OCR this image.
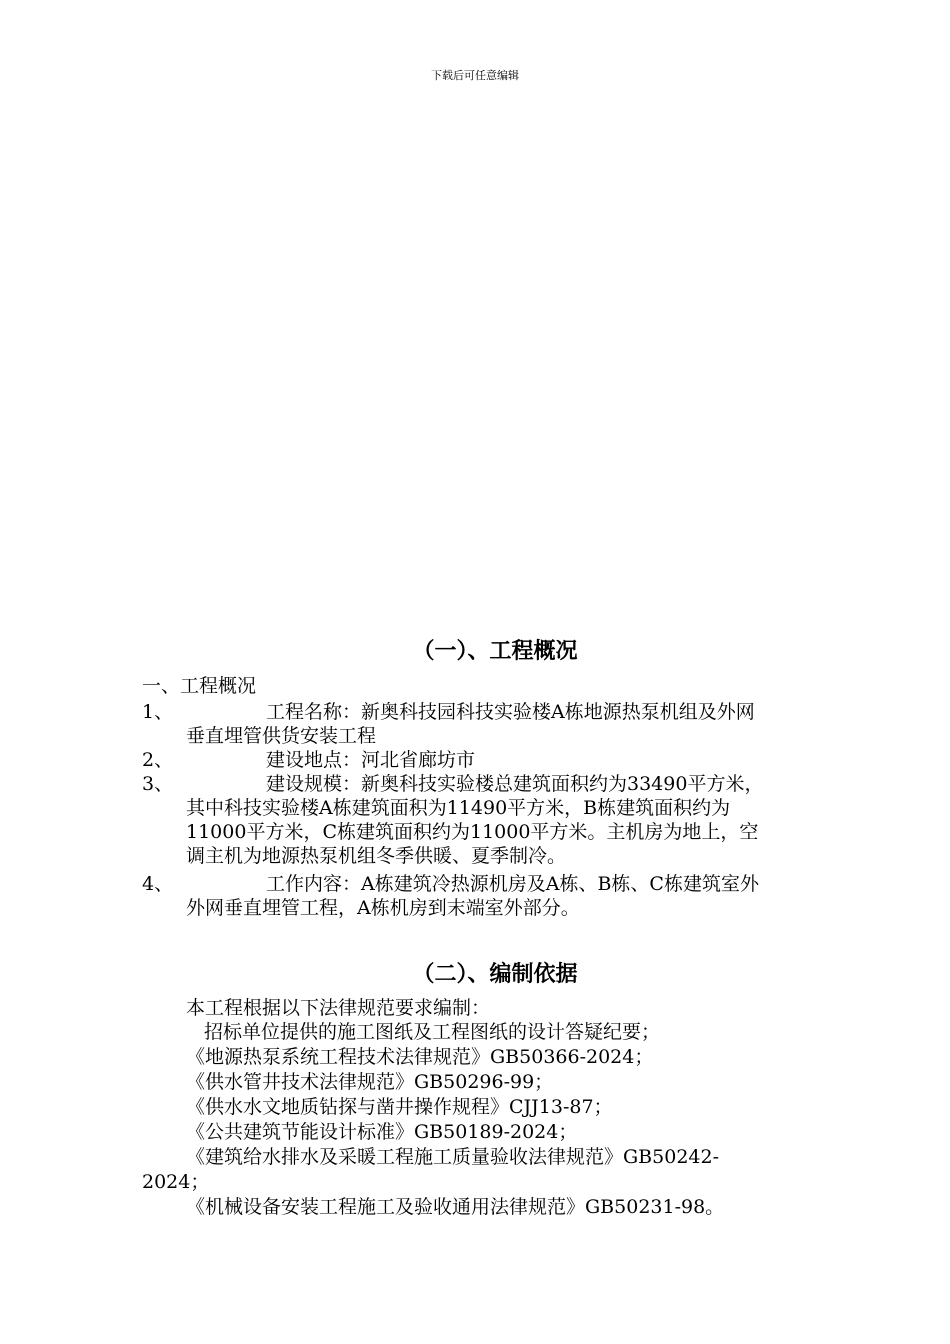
下载后可任意编辑
（一）、工程概况
一、工程概况
1、	工程名称：新奥科技园科技实验楼A栋地源热泵机组及外网
垂直埋管供货安装工程
2、	建设地点：河北省廊坊市
3、	建设规模：新奥科技实验楼总建筑面积约为33490平方米，
其中科技实验楼A栋建筑面积为11490平方米，B栋建筑面积约为
11000平方米，C栋建筑面积约为11000平方米。主机房为地上，空
调主机为地源热泵机组冬季供暖、夏季制冷。
4、	工作内容：A栋建筑冷热源机房及A栋、B栋、C栋建筑室外
外网垂直埋管工程，A栋机房到末端室外部分。
（二）、编制依据
本工程根据以下法律规范要求编制：
招标单位提供的施工图纸及工程图纸的设计答疑纪要；
《地源热泵系统工程技术法律规范》GB50366-2024；
《供水管井技术法律规范》GB50296-99；
《供水水文地质钻探与凿井操作规程》CJJ13-87；
《公共建筑节能设计标准》GB50189-2024；
《建筑给水排水及采暖工程施工质量验收法律规范》GB50242-
2024；
《机械设备安装工程施工及验收通用法律规范》GB50231-98。
